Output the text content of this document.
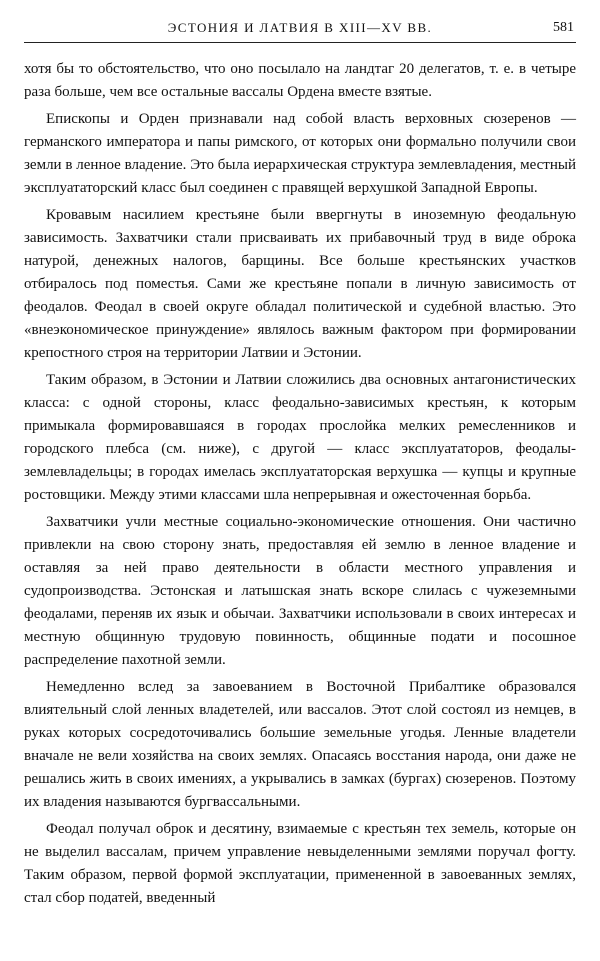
ЭСТОНИЯ И ЛАТВИЯ В XIII—XV ВВ.	581

хотя бы то обстоятельство, что оно посылало на ландтаг 20 делегатов, т. е. в четыре раза больше, чем все остальные вассалы Ордена вместе взятые.

Епископы и Орден признавали над собой власть верховных сюзеренов — германского императора и папы римского, от которых они формально получили свои земли в ленное владение. Это была иерархическая структура землевладения, местный эксплуататорский класс был соединен с правящей верхушкой Западной Европы.

Кровавым насилием крестьяне были ввергнуты в иноземную феодальную зависимость. Захватчики стали присваивать их прибавочный труд в виде оброка натурой, денежных налогов, барщины. Все больше крестьянских участков отбиралось под поместья. Сами же крестьяне попали в личную зависимость от феодалов. Феодал в своей округе обладал политической и судебной властью. Это «внеэкономическое принуждение» являлось важным фактором при формировании крепостного строя на территории Латвии и Эстонии.

Таким образом, в Эстонии и Латвии сложились два основных антагонистических класса: с одной стороны, класс феодально-зависимых крестьян, к которым примыкала формировавшаяся в городах прослойка мелких ремесленников и городского плебса (см. ниже), с другой — класс эксплуататоров, феодалы-землевладельцы; в городах имелась эксплуататорская верхушка — купцы и крупные ростовщики. Между этими классами шла непрерывная и ожесточенная борьба.

Захватчики учли местные социально-экономические отношения. Они частично привлекли на свою сторону знать, предоставляя ей землю в ленное владение и оставляя за ней право деятельности в области местного управления и судопроизводства. Эстонская и латышская знать вскоре слилась с чужеземными феодалами, переняв их язык и обычаи. Захватчики использовали в своих интересах и местную общинную трудовую повинность, общинные подати и посошное распределение пахотной земли.

Немедленно вслед за завоеванием в Восточной Прибалтике образовался влиятельный слой ленных владетелей, или вассалов. Этот слой состоял из немцев, в руках которых сосредоточивались большие земельные угодья. Ленные владетели вначале не вели хозяйства на своих землях. Опасаясь восстания народа, они даже не решались жить в своих имениях, а укрывались в замках (бургах) сюзеренов. Поэтому их владения называются бургвассальными.

Феодал получал оброк и десятину, взимаемые с крестьян тех земель, которые он не выделил вассалам, причем управление невыделенными землями поручал фогту. Таким образом, первой формой эксплуатации, примененной в завоеванных землях, стал сбор податей, введенный
